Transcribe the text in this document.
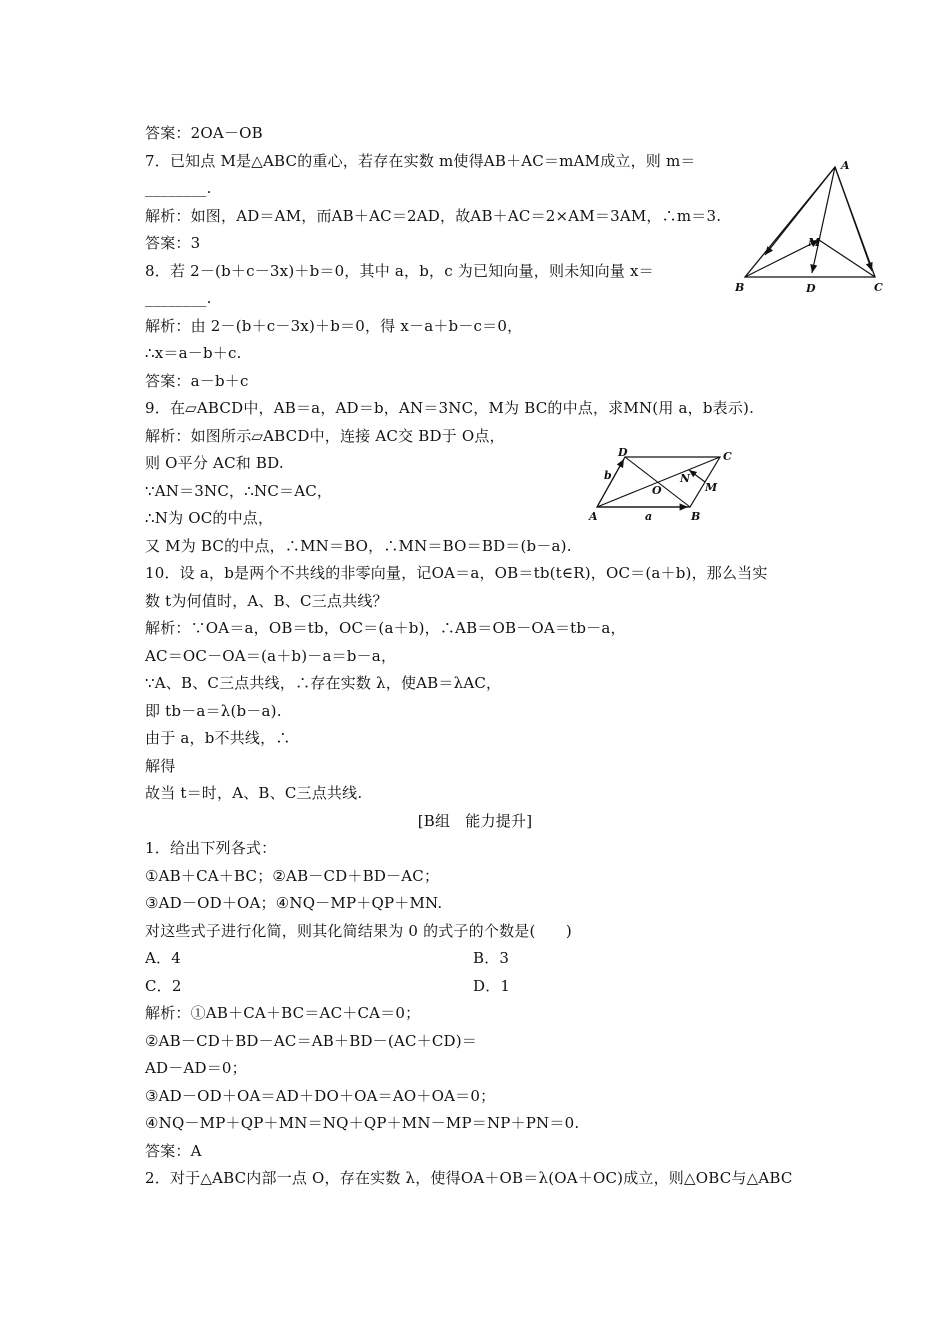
答案：2OA－OB
7．已知点 M是△ABC的重心，若存在实数 m使得AB＋AC＝mAM成立，则 m＝
________.
解析：如图，AD＝AM，而AB＋AC＝2AD，故AB＋AC＝2×AM＝3AM，∴m＝3.
答案：3
8．若 2－(b＋c－3x)＋b＝0，其中 a，b，c 为已知向量，则未知向量 x＝
________.
解析：由 2－(b＋c－3x)＋b＝0，得 x－a＋b－c＝0，
∴x＝a－b＋c.
答案：a－b＋c
9．在▱ABCD中，AB＝a，AD＝b，AN＝3NC，M为 BC的中点，求MN(用 a，b表示).
解析：如图所示▱ABCD中，连接 AC交 BD于 O点，
则 O平分 AC和 BD.
∵AN＝3NC，∴NC＝AC，
∴N为 OC的中点，
又 M为 BC的中点，∴MN＝BO，∴MN＝BO＝BD＝(b－a).
10．设 a，b是两个不共线的非零向量，记OA＝a，OB＝tb(t∈R)，OC＝(a＋b)，那么当实
数 t为何值时，A、B、C三点共线？
解析：∵OA＝a，OB＝tb，OC＝(a＋b)，∴AB＝OB－OA＝tb－a，
AC＝OC－OA＝(a＋b)－a＝b－a，
∵A、B、C三点共线，∴存在实数 λ，使AB＝λAC，
即 tb－a＝λ(b－a).
由于 a，b不共线，∴
解得
故当 t＝时，A、B、C三点共线.
[B组　能力提升]
1．给出下列各式：
①AB＋CA＋BC；②AB－CD＋BD－AC；
③AD－OD＋OA；④NQ－MP＋QP＋MN.
对这些式子进行化简，则其化简结果为 0 的式子的个数是(　　)
A．4	B．3
C．2	D．1
解析：①AB＋CA＋BC＝AC＋CA＝0；
②AB－CD＋BD－AC＝AB＋BD－(AC＋CD)＝
AD－AD＝0；
③AD－OD＋OA＝AD＋DO＋OA＝AO＋OA＝0；
④NQ－MP＋QP＋MN＝NQ＋QP＋MN－MP＝NP＋PN＝0.
答案：A
2．对于△ABC内部一点 O，存在实数 λ，使得OA＋OB＝λ(OA＋OC)成立，则△OBC与△ABC
A
M
B	D	C
D	C
b
O
N
M
A	a	B
